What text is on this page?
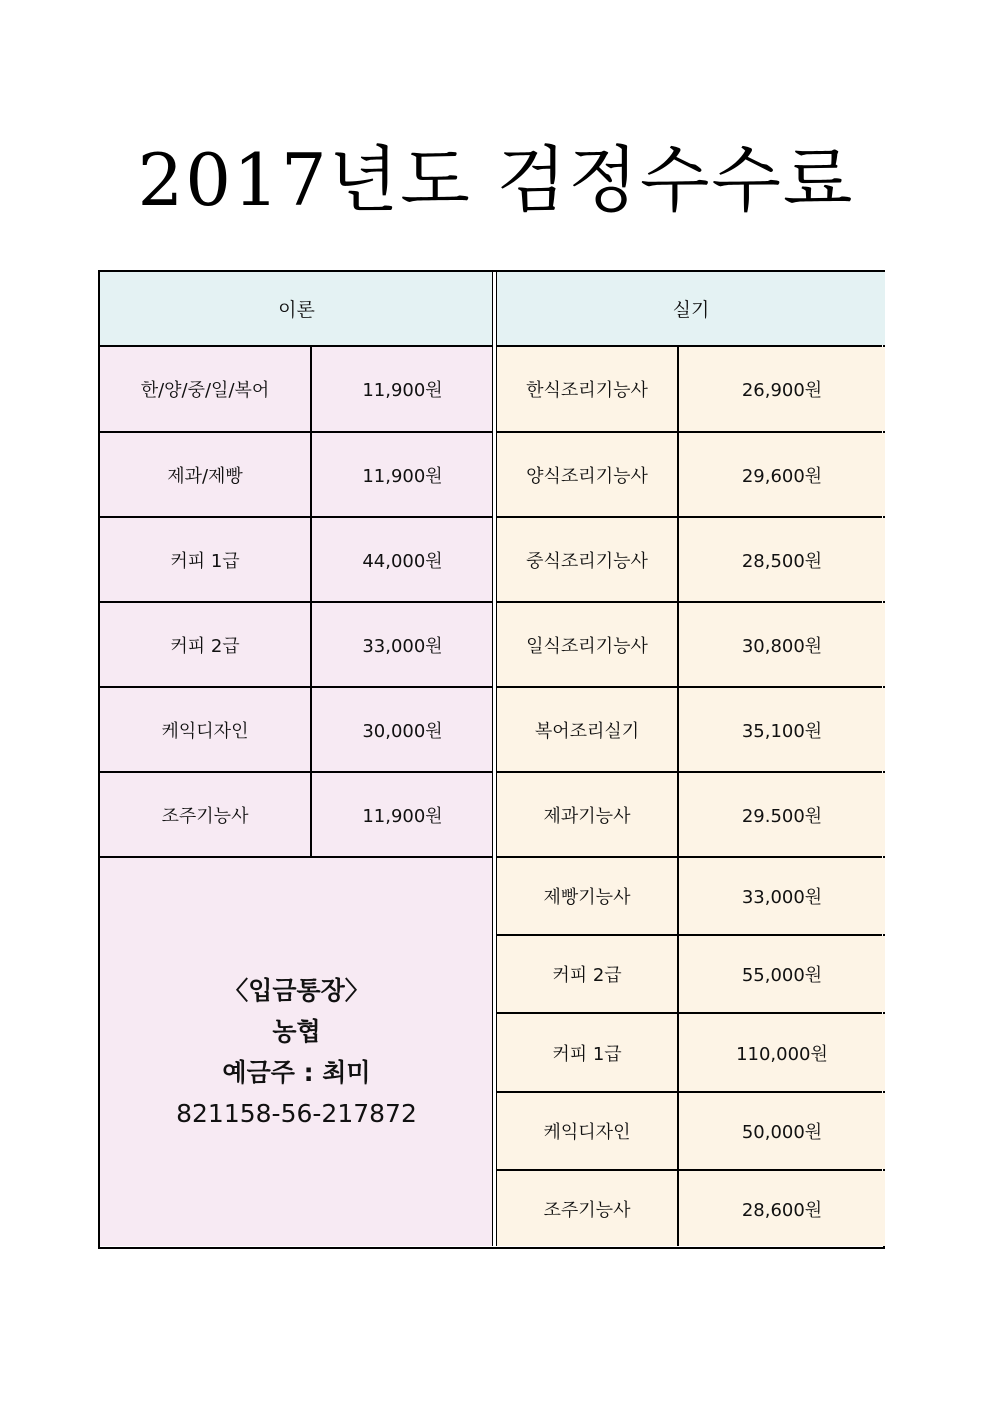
2017년도 검정수수료
이론	실기
한/양/중/일/복어	11,900원
제과/제빵	11,900원
커피 1급	44,000원
커피 2급	33,000원
케익디자인	30,000원
조주기능사	11,900원
〈입금통장〉
농협
예금주 : 최미
821158-56-217872
한식조리기능사	26,900원
양식조리기능사	29,600원
중식조리기능사	28,500원
일식조리기능사	30,800원
복어조리실기	35,100원
제과기능사	29.500원
제빵기능사	33,000원
커피 2급	55,000원
커피 1급	110,000원
케익디자인	50,000원
조주기능사	28,600원
